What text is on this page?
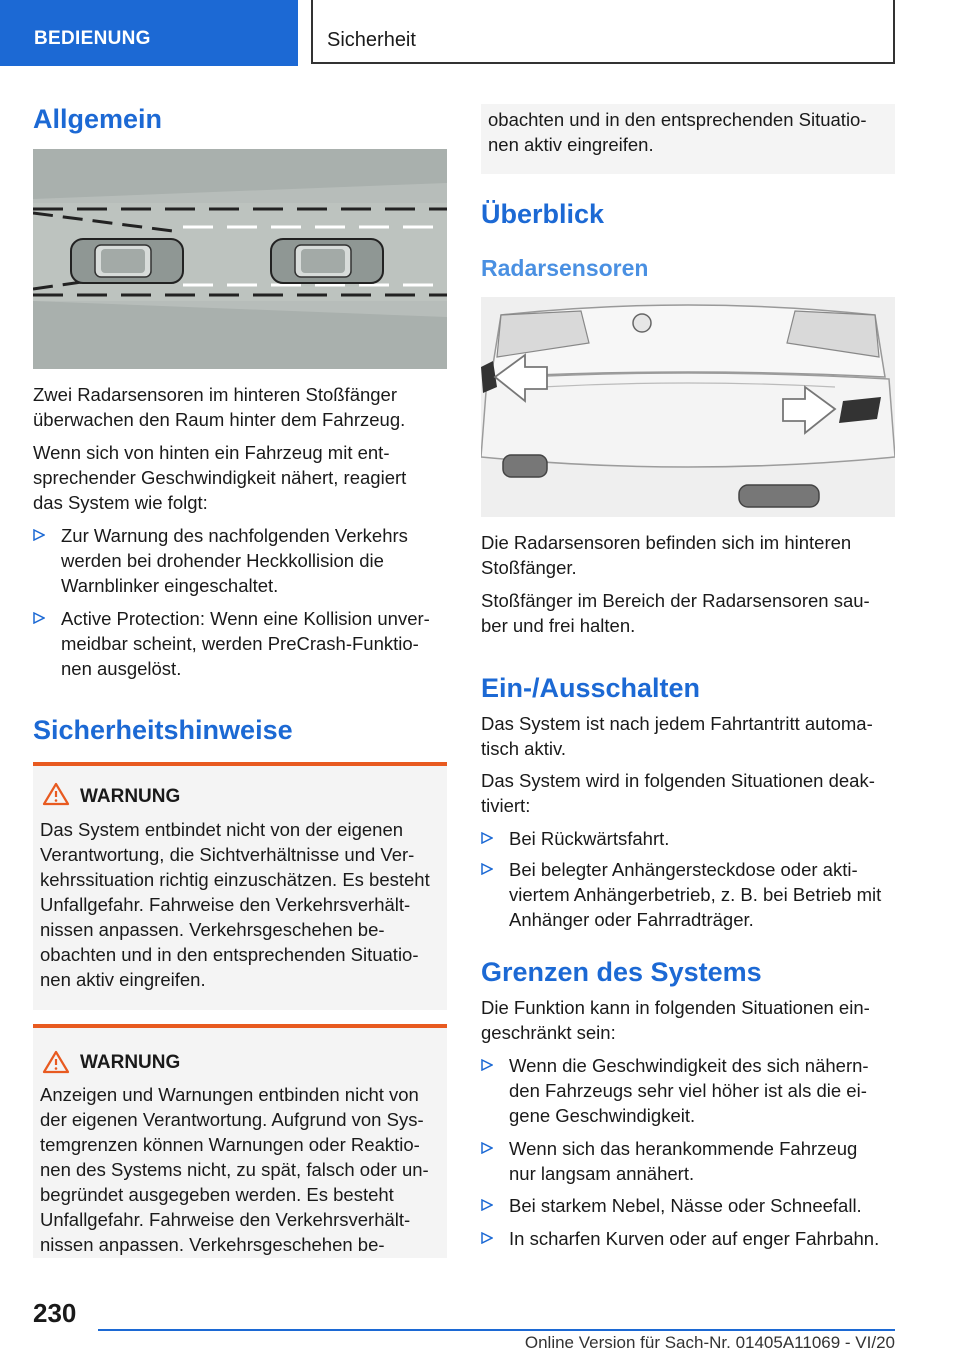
BEDIENUNG	Sicherheit
Allgemein

Zwei Radarsensoren im hinteren Stoßfänger
überwachen den Raum hinter dem Fahrzeug.

Wenn sich von hinten ein Fahrzeug mit ent-
sprechender Geschwindigkeit nähert, reagiert
das System wie folgt:

Zur Warnung des nachfolgenden Verkehrs
werden bei drohender Heckkollision die
Warnblinker eingeschaltet.
Active Protection: Wenn eine Kollision unver-
meidbar scheint, werden PreCrash-Funktio-
nen ausgelöst.
Sicherheitshinweise
WARNUNG

Das System entbindet nicht von der eigenen
Verantwortung, die Sichtverhältnisse und Ver-
kehrssituation richtig einzuschätzen. Es besteht
Unfallgefahr. Fahrweise den Verkehrsverhält-
nissen anpassen. Verkehrsgeschehen be-
obachten und in den entsprechenden Situatio-
nen aktiv eingreifen.

WARNUNG

Anzeigen und Warnungen entbinden nicht von
der eigenen Verantwortung. Aufgrund von Sys-
temgrenzen können Warnungen oder Reaktio-
nen des Systems nicht, zu spät, falsch oder un-
begründet ausgegeben werden. Es besteht
Unfallgefahr. Fahrweise den Verkehrsverhält-
nissen anpassen. Verkehrsgeschehen be-

obachten und in den entsprechenden Situatio-
nen aktiv eingreifen.

Überblick
Radarsensoren

Die Radarsensoren befinden sich im hinteren
Stoßfänger.

Stoßfänger im Bereich der Radarsensoren sau-
ber und frei halten.

Ein-/Ausschalten

Das System ist nach jedem Fahrtantritt automa-
tisch aktiv.

Das System wird in folgenden Situationen deak-
tiviert:

Bei Rückwärtsfahrt.
Bei belegter Anhängersteckdose oder akti-
viertem Anhängerbetrieb, z. B. bei Betrieb mit
Anhänger oder Fahrradträger.
Grenzen des Systems

Die Funktion kann in folgenden Situationen ein-
geschränkt sein:

Wenn die Geschwindigkeit des sich nähern-
den Fahrzeugs sehr viel höher ist als die ei-
gene Geschwindigkeit.
Wenn sich das herankommende Fahrzeug
nur langsam annähert.
Bei starkem Nebel, Nässe oder Schneefall.
In scharfen Kurven oder auf enger Fahrbahn.
230
Online Version für Sach-Nr. 01405A11069 - VI/20
